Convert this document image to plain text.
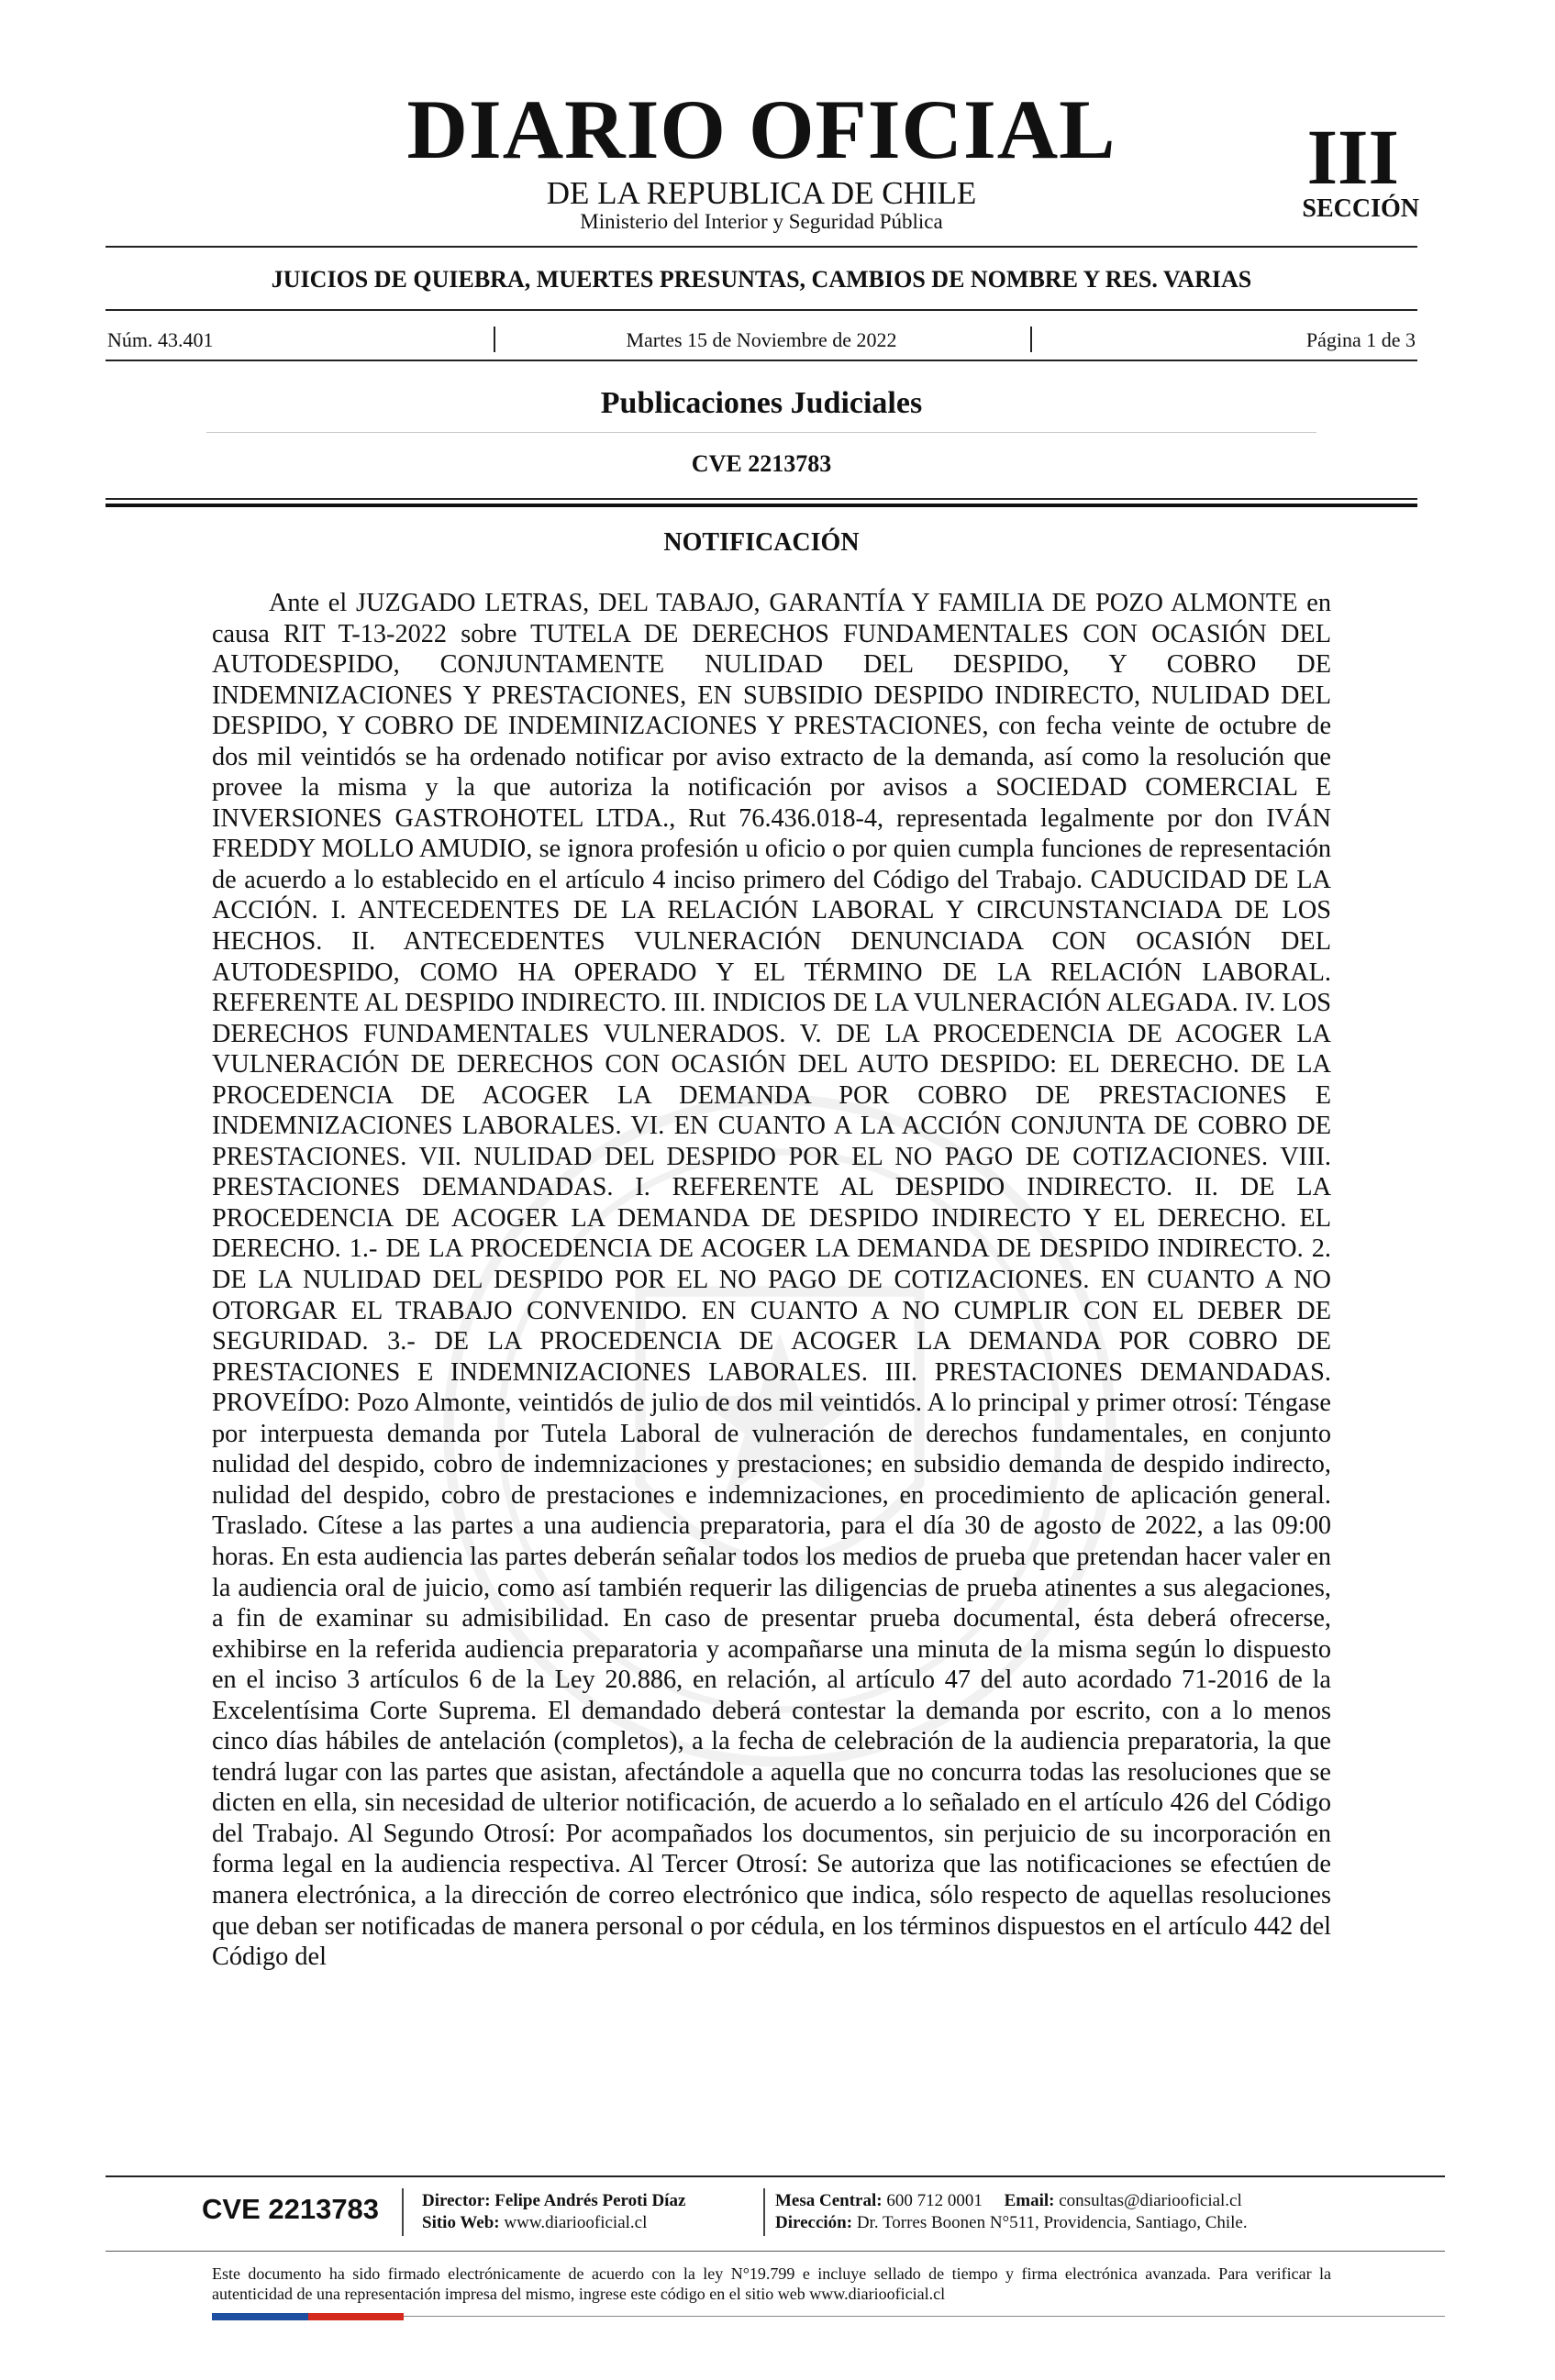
DIARIO OFICIAL
DE LA REPUBLICA DE CHILE
Ministerio del Interior y Seguridad Pública
III
SECCIÓN
JUICIOS DE QUIEBRA, MUERTES PRESUNTAS, CAMBIOS DE NOMBRE Y RES. VARIAS
Núm. 43.401	Martes 15 de Noviembre de 2022	Página 1 de 3
Publicaciones Judiciales
CVE 2213783
NOTIFICACIÓN

Ante el JUZGADO LETRAS, DEL TABAJO, GARANTÍA Y FAMILIA DE POZO ALMONTE en causa RIT T-13-2022 sobre TUTELA DE DERECHOS FUNDAMENTALES CON OCASIÓN DEL AUTODESPIDO, CONJUNTAMENTE NULIDAD DEL DESPIDO, Y COBRO DE INDEMNIZACIONES Y PRESTACIONES, EN SUBSIDIO DESPIDO INDIRECTO, NULIDAD DEL DESPIDO, Y COBRO DE INDEMINIZACIONES Y PRESTACIONES, con fecha veinte de octubre de dos mil veintidós se ha ordenado notificar por aviso extracto de la demanda, así como la resolución que provee la misma y la que autoriza la notificación por avisos a SOCIEDAD COMERCIAL E INVERSIONES GASTROHOTEL LTDA., Rut 76.436.018-4, representada legalmente por don IVÁN FREDDY MOLLO AMUDIO, se ignora profesión u oficio o por quien cumpla funciones de representación de acuerdo a lo establecido en el artículo 4 inciso primero del Código del Trabajo. CADUCIDAD DE LA ACCIÓN. I. ANTECEDENTES DE LA RELACIÓN LABORAL Y CIRCUNSTANCIADA DE LOS HECHOS. II. ANTECEDENTES VULNERACIÓN DENUNCIADA CON OCASIÓN DEL AUTODESPIDO, COMO HA OPERADO Y EL TÉRMINO DE LA RELACIÓN LABORAL. REFERENTE AL DESPIDO INDIRECTO. III. INDICIOS DE LA VULNERACIÓN ALEGADA. IV. LOS DERECHOS FUNDAMENTALES VULNERADOS. V. DE LA PROCEDENCIA DE ACOGER LA VULNERACIÓN DE DERECHOS CON OCASIÓN DEL AUTO DESPIDO: EL DERECHO. DE LA PROCEDENCIA DE ACOGER LA DEMANDA POR COBRO DE PRESTACIONES E INDEMNIZACIONES LABORALES. VI. EN CUANTO A LA ACCIÓN CONJUNTA DE COBRO DE PRESTACIONES. VII. NULIDAD DEL DESPIDO POR EL NO PAGO DE COTIZACIONES. VIII. PRESTACIONES DEMANDADAS. I. REFERENTE AL DESPIDO INDIRECTO. II. DE LA PROCEDENCIA DE ACOGER LA DEMANDA DE DESPIDO INDIRECTO Y EL DERECHO. EL DERECHO. 1.- DE LA PROCEDENCIA DE ACOGER LA DEMANDA DE DESPIDO INDIRECTO. 2. DE LA NULIDAD DEL DESPIDO POR EL NO PAGO DE COTIZACIONES. EN CUANTO A NO OTORGAR EL TRABAJO CONVENIDO. EN CUANTO A NO CUMPLIR CON EL DEBER DE SEGURIDAD. 3.- DE LA PROCEDENCIA DE ACOGER LA DEMANDA POR COBRO DE PRESTACIONES E INDEMNIZACIONES LABORALES. III. PRESTACIONES DEMANDADAS. PROVEÍDO: Pozo Almonte, veintidós de julio de dos mil veintidós. A lo principal y primer otrosí: Téngase por interpuesta demanda por Tutela Laboral de vulneración de derechos fundamentales, en conjunto nulidad del despido, cobro de indemnizaciones y prestaciones; en subsidio demanda de despido indirecto, nulidad del despido, cobro de prestaciones e indemnizaciones, en procedimiento de aplicación general. Traslado. Cítese a las partes a una audiencia preparatoria, para el día 30 de agosto de 2022, a las 09:00 horas. En esta audiencia las partes deberán señalar todos los medios de prueba que pretendan hacer valer en la audiencia oral de juicio, como así también requerir las diligencias de prueba atinentes a sus alegaciones, a fin de examinar su admisibilidad. En caso de presentar prueba documental, ésta deberá ofrecerse, exhibirse en la referida audiencia preparatoria y acompañarse una minuta de la misma según lo dispuesto en el inciso 3 artículos 6 de la Ley 20.886, en relación, al artículo 47 del auto acordado 71-2016 de la Excelentísima Corte Suprema. El demandado deberá contestar la demanda por escrito, con a lo menos cinco días hábiles de antelación (completos), a la fecha de celebración de la audiencia preparatoria, la que tendrá lugar con las partes que asistan, afectándole a aquella que no concurra todas las resoluciones que se dicten en ella, sin necesidad de ulterior notificación, de acuerdo a lo señalado en el artículo 426 del Código del Trabajo. Al Segundo Otrosí: Por acompañados los documentos, sin perjuicio de su incorporación en forma legal en la audiencia respectiva. Al Tercer Otrosí: Se autoriza que las notificaciones se efectúen de manera electrónica, a la dirección de correo electrónico que indica, sólo respecto de aquellas resoluciones que deban ser notificadas de manera personal o por cédula, en los términos dispuestos en el artículo 442 del Código del

CVE 2213783 Director: Felipe Andrés Peroti Díaz
Sitio Web: www.diariooficial.cl
Mesa Central: 600 712 0001 Email: consultas@diariooficial.cl
Dirección: Dr. Torres Boonen N°511, Providencia, Santiago, Chile.
Este documento ha sido firmado electrónicamente de acuerdo con la ley N°19.799 e incluye sellado de tiempo y firma electrónica avanzada. Para verificar la autenticidad de una representación impresa del mismo, ingrese este código en el sitio web www.diariooficial.cl
